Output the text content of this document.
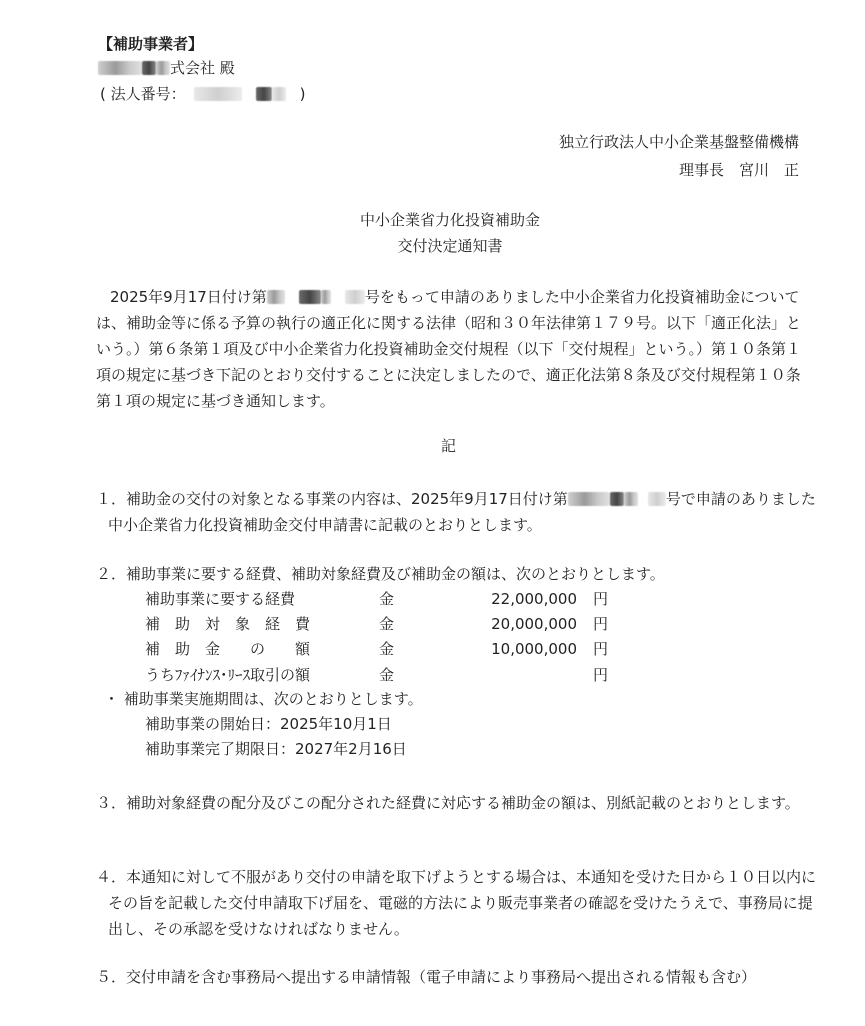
【補助事業者】
式会社 殿
( 法人番号：	)
独立行政法人中小企業基盤整備機構
理事長　宮川　正
中小企業省力化投資補助金
交付決定通知書
2025年9月17日付け第	号をもって申請のありました中小企業省力化投資補助金については、補助金等に係る予算の執行の適正化に関する法律（昭和３０年法律第１７９号。以下「適正化法」という。）第６条第１項及び中小企業省力化投資補助金交付規程（以下「交付規程」という。）第１０条第１項の規定に基づき下記のとおり交付することに決定しましたので、適正化法第８条及び交付規程第１０条第１項の規定に基づき通知します。
記
１．補助金の交付の対象となる事業の内容は、2025年9月17日付け第	号で申請のありました中小企業省力化投資補助金交付申請書に記載のとおりとします。
２．補助事業に要する経費、補助対象経費及び補助金の額は、次のとおりとします。
補助事業に要する経費	金	22,000,000 円
補　助　対　象　経　費	金	20,000,000 円
補　助　金　　の　　額	金	10,000,000 円
うちﾌｧｲﾅﾝｽ･ﾘｰｽ取引の額	金	円
・ 補助事業実施期間は、次のとおりとします。
補助事業の開始日：2025年10月1日
補助事業完了期限日：2027年2月16日
３．補助対象経費の配分及びこの配分された経費に対応する補助金の額は、別紙記載のとおりとします。
４．本通知に対して不服があり交付の申請を取下げようとする場合は、本通知を受けた日から１０日以内にその旨を記載した交付申請取下げ届を、電磁的方法により販売事業者の確認を受けたうえで、事務局に提出し、その承認を受けなければなりません。
５．交付申請を含む事務局へ提出する申請情報（電子申請により事務局へ提出される情報も含む）
